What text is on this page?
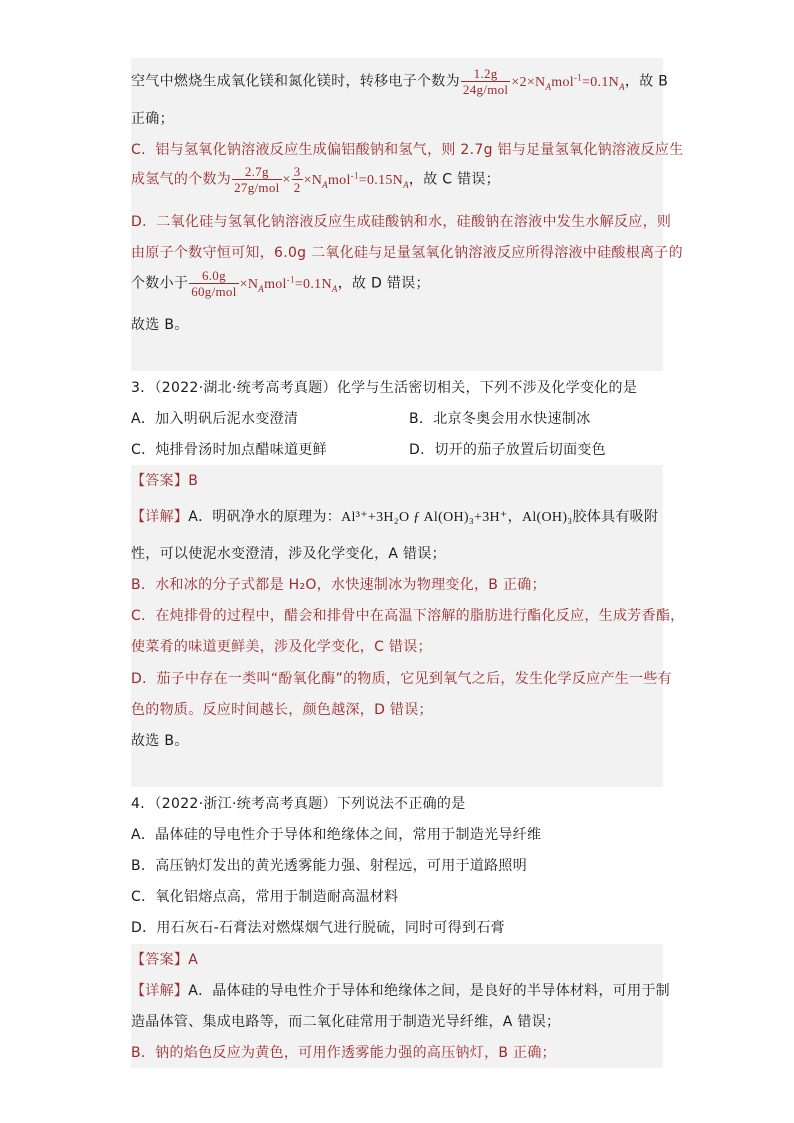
空气中燃烧生成氧化镁和氮化镁时，转移电子个数为 $\frac{1.2g}{\text{24g/mol}} \times 2\times N_Amol^{-1}=0.1N_A$，故 B
正确；
C．铝与氢氧化钠溶液反应生成偏铝酸钠和氢气，则 2.7g 铝与足量氢氧化钠溶液反应生
成氢气的个数为 $\frac{2.7g}{\text{27g/mol}} \times \frac{3}{2} \times N_Amol^{-1}=0.15N_A$，故 C 错误；
D．二氧化硅与氢氧化钠溶液反应生成硅酸钠和水，硅酸钠在溶液中发生水解反应，则
由原子个数守恒可知，6.0g 二氧化硅与足量氢氧化钠溶液反应所得溶液中硅酸根离子的
个数小于 $\frac{6.0g}{\text{60g/mol}} \times N_Amol^{-1}=0.1N_A$，故 D 错误；
故选 B。
3．（2022·湖北·统考高考真题）化学与生活密切相关，下列不涉及化学变化的是
A．加入明矾后泥水变澄清	B．北京冬奥会用水快速制冰
C．炖排骨汤时加点醋味道更鲜	D．切开的茄子放置后切面变色
【答案】B
【详解】A．明矾净水的原理为：Al³⁺+3H₂O ƒ Al(OH)₃+3H⁺，Al(OH)₃胶体具有吸附
性，可以使泥水变澄清，涉及化学变化，A 错误；
B．水和冰的分子式都是 H₂O，水快速制冰为物理变化，B 正确；
C．在炖排骨的过程中，醋会和排骨中在高温下溶解的脂肪进行酯化反应，生成芳香酯，
使菜肴的味道更鲜美，涉及化学变化，C 错误；
D．茄子中存在一类叫“酚氧化酶”的物质，它见到氧气之后，发生化学反应产生一些有
色的物质。反应时间越长，颜色越深，D 错误；
故选 B。
4．（2022·浙江·统考高考真题）下列说法不正确的是
A．晶体硅的导电性介于导体和绝缘体之间，常用于制造光导纤维
B．高压钠灯发出的黄光透雾能力强、射程远，可用于道路照明
C．氧化铝熔点高，常用于制造耐高温材料
D．用石灰石-石膏法对燃煤烟气进行脱硫，同时可得到石膏
【答案】A
【详解】A．晶体硅的导电性介于导体和绝缘体之间，是良好的半导体材料，可用于制
造晶体管、集成电路等，而二氧化硅常用于制造光导纤维，A 错误；
B．钠的焰色反应为黄色，可用作透雾能力强的高压钠灯，B 正确；
